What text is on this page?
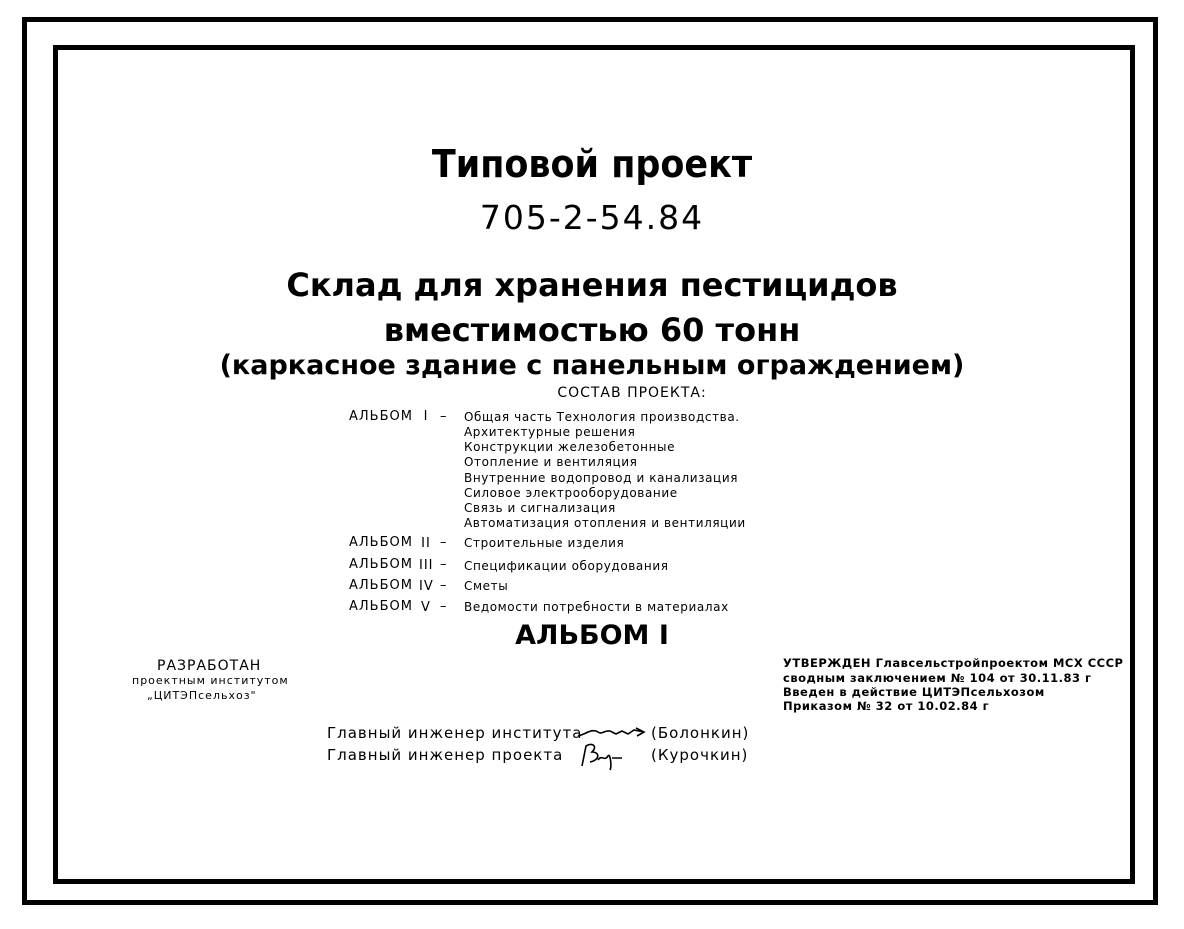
Типовой проект
705-2-54.84
Склад для хранения пестицидов
вместимостью 60 тонн
(каркасное здание с панельным ограждением)
СОСТАВ ПРОЕКТА:
АЛЬБОМ I – Общая часть Технология производства.
Архитектурные решения
Конструкции железобетонные
Отопление и вентиляция
Внутренние водопровод и канализация
Силовое электрооборудование
Связь и сигнализация
Автоматизация отопления и вентиляции
АЛЬБОМ II – Строительные изделия
АЛЬБОМ III – Спецификации оборудования
АЛЬБОМ IV – Сметы
АЛЬБОМ V – Ведомости потребности в материалах
АЛЬБОМ I
РАЗРАБОТАН
проектным институтом
„ЦИТЭПсельхоз"
УТВЕРЖДЕН Главсельстройпроектом МСХ СССР
сводным заключением № 104 от 30.11.83 г
Введен в действие ЦИТЭПсельхозом
Приказом № 32 от 10.02.84 г
Главный инженер института	(Болонкин)
Главный инженер проекта	(Курочкин)
